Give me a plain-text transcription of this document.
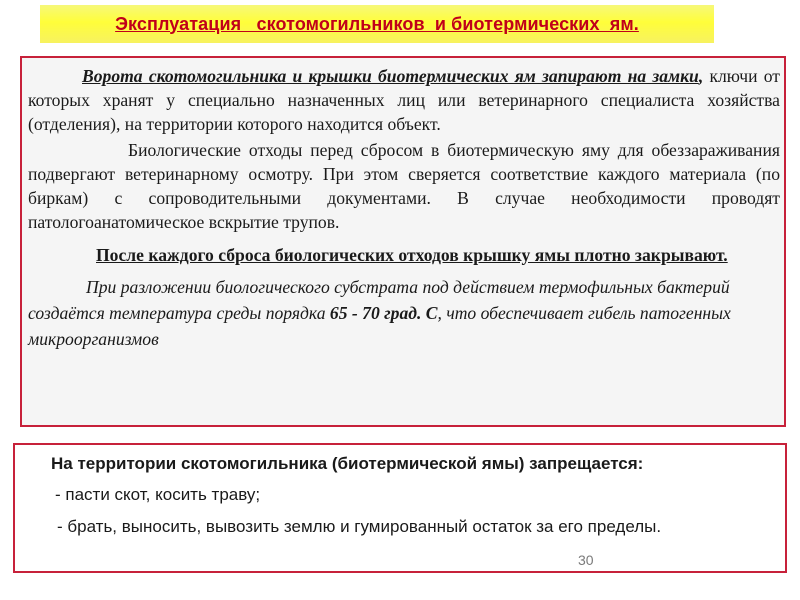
Эксплуатация   скотомогильников  и биотермических  ям.

Ворота скотомогильника и крышки биотермических ям запирают на замки, ключи от которых хранят у специально назначенных лиц или ветеринарного специалиста хозяйства (отделения), на территории которого находится объект.

Биологические отходы перед сбросом в биотермическую яму для обеззараживания подвергают ветеринарному осмотру. При этом сверяется соответствие каждого материала (по биркам) с сопроводительными документами. В случае необходимости проводят патологоанатомическое вскрытие трупов.

После каждого сброса биологических отходов крышку ямы плотно закрывают.

При разложении биологического субстрата под действием термофильных бактерий создаётся температура среды порядка 65 - 70 град. С, что обеспечивает гибель патогенных микроорганизмов

На территории скотомогильника (биотермической ямы) запрещается:

- пасти скот, косить траву;

- брать, выносить, вывозить землю и гумированный остаток за его пределы.

30
